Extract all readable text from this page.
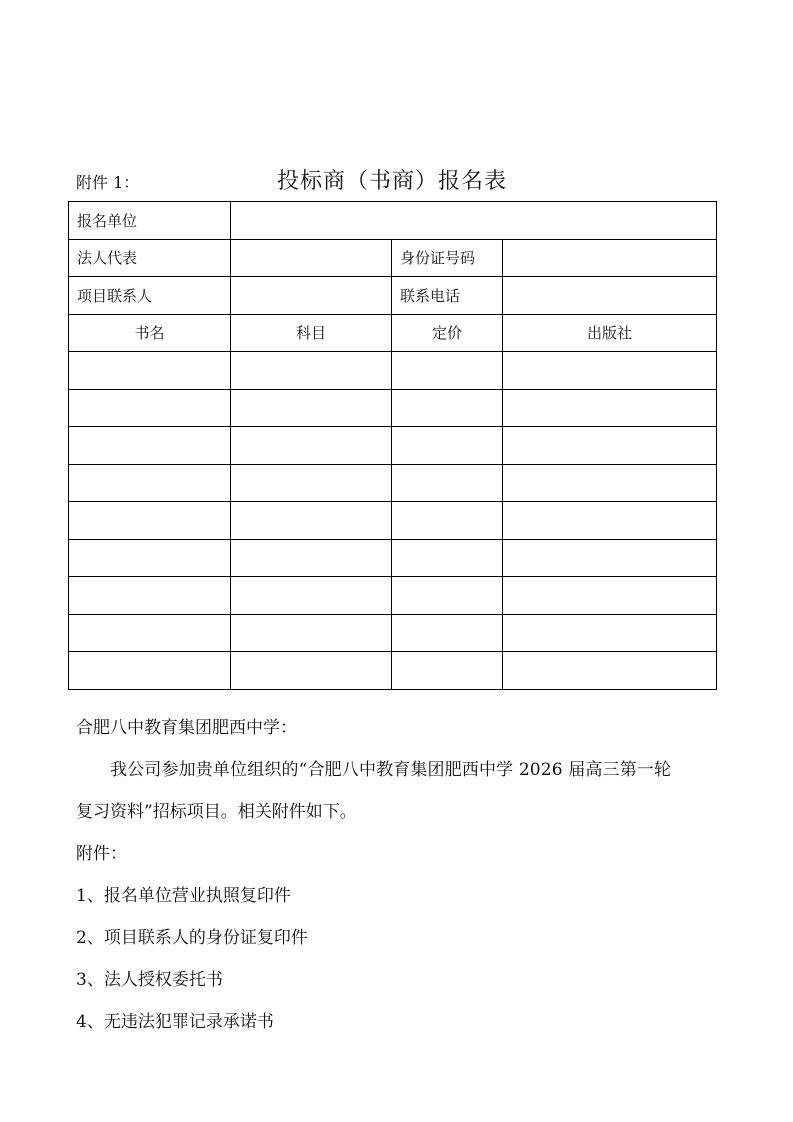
附件 1：	投标商（书商）报名表
报名单位			
法人代表		身份证号码	
项目联系人		联系电话	
书名	科目	定价	出版社

合肥八中教育集团肥西中学：

我公司参加贵单位组织的“合肥八中教育集团肥西中学 2026 届高三第一轮

复习资料”招标项目。相关附件如下。

附件：

1、报名单位营业执照复印件

2、项目联系人的身份证复印件

3、法人授权委托书

4、无违法犯罪记录承诺书
